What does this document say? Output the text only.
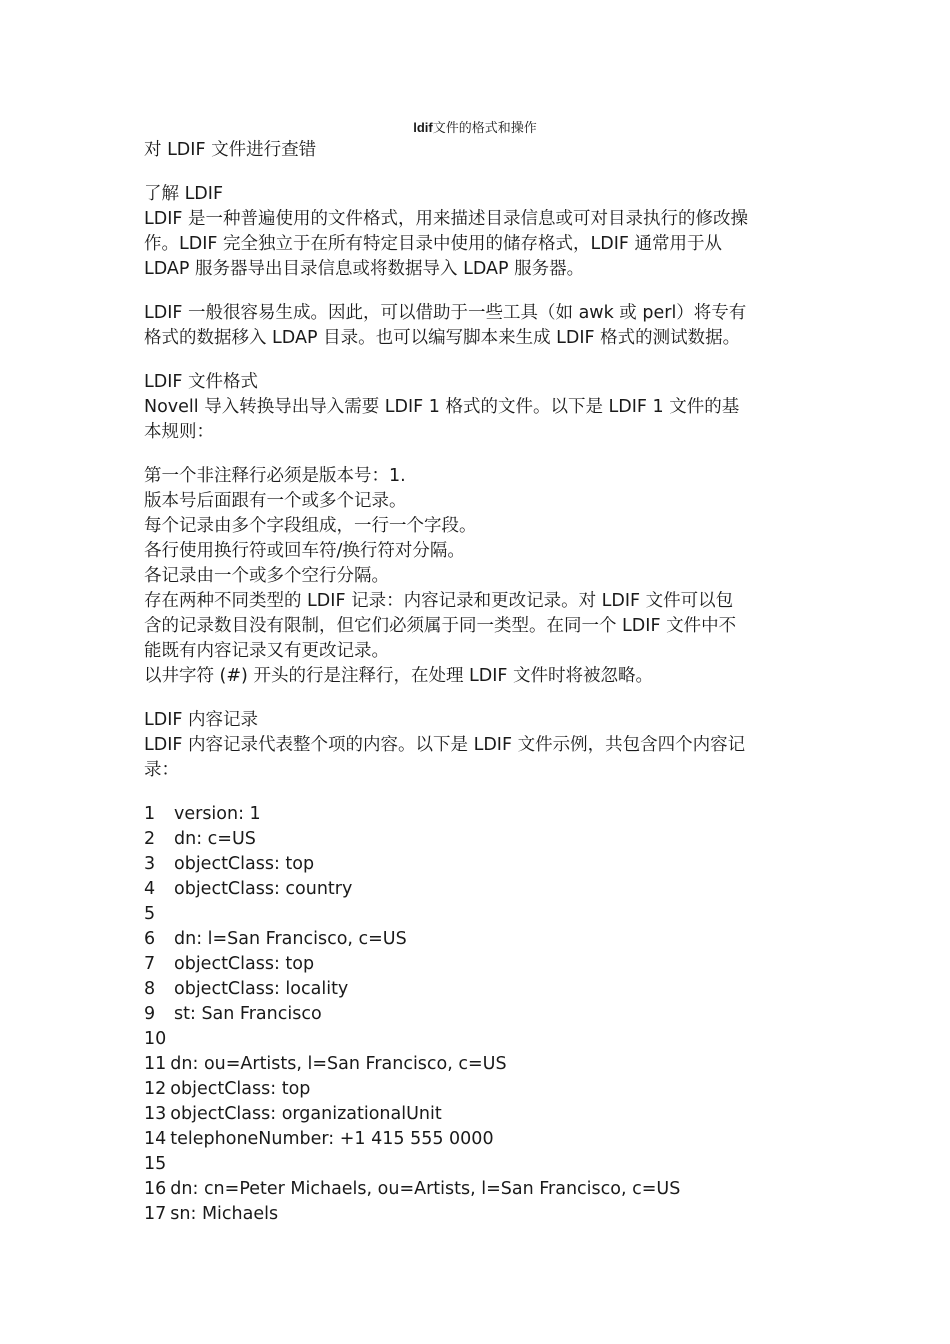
ldif文件的格式和操作
对 LDIF 文件进行查错
了解 LDIF
LDIF 是一种普遍使用的文件格式，用来描述目录信息或可对目录执行的修改操
作。LDIF 完全独立于在所有特定目录中使用的储存格式，LDIF 通常用于从
LDAP 服务器导出目录信息或将数据导入 LDAP 服务器。
LDIF 一般很容易生成。因此，可以借助于一些工具（如 awk 或 perl）将专有
格式的数据移入 LDAP 目录。也可以编写脚本来生成 LDIF 格式的测试数据。
LDIF 文件格式
Novell 导入转换导出导入需要 LDIF 1 格式的文件。以下是 LDIF 1 文件的基
本规则：
第一个非注释行必须是版本号：1.
版本号后面跟有一个或多个记录。
每个记录由多个字段组成，一行一个字段。
各行使用换行符或回车符/换行符对分隔。
各记录由一个或多个空行分隔。
存在两种不同类型的 LDIF 记录：内容记录和更改记录。对 LDIF 文件可以包
含的记录数目没有限制，但它们必须属于同一类型。在同一个 LDIF 文件中不
能既有内容记录又有更改记录。
以井字符 (#) 开头的行是注释行，在处理 LDIF 文件时将被忽略。
LDIF 内容记录
LDIF 内容记录代表整个项的内容。以下是 LDIF 文件示例，共包含四个内容记
录：
1 version: 1
2 dn: c=US
3 objectClass: top
4 objectClass: country
5
6 dn: l=San Francisco, c=US
7 objectClass: top
8 objectClass: locality
9 st: San Francisco
10
11 dn: ou=Artists, l=San Francisco, c=US
12 objectClass: top
13 objectClass: organizationalUnit
14 telephoneNumber: +1 415 555 0000
15
16 dn: cn=Peter Michaels, ou=Artists, l=San Francisco, c=US
17 sn: Michaels
